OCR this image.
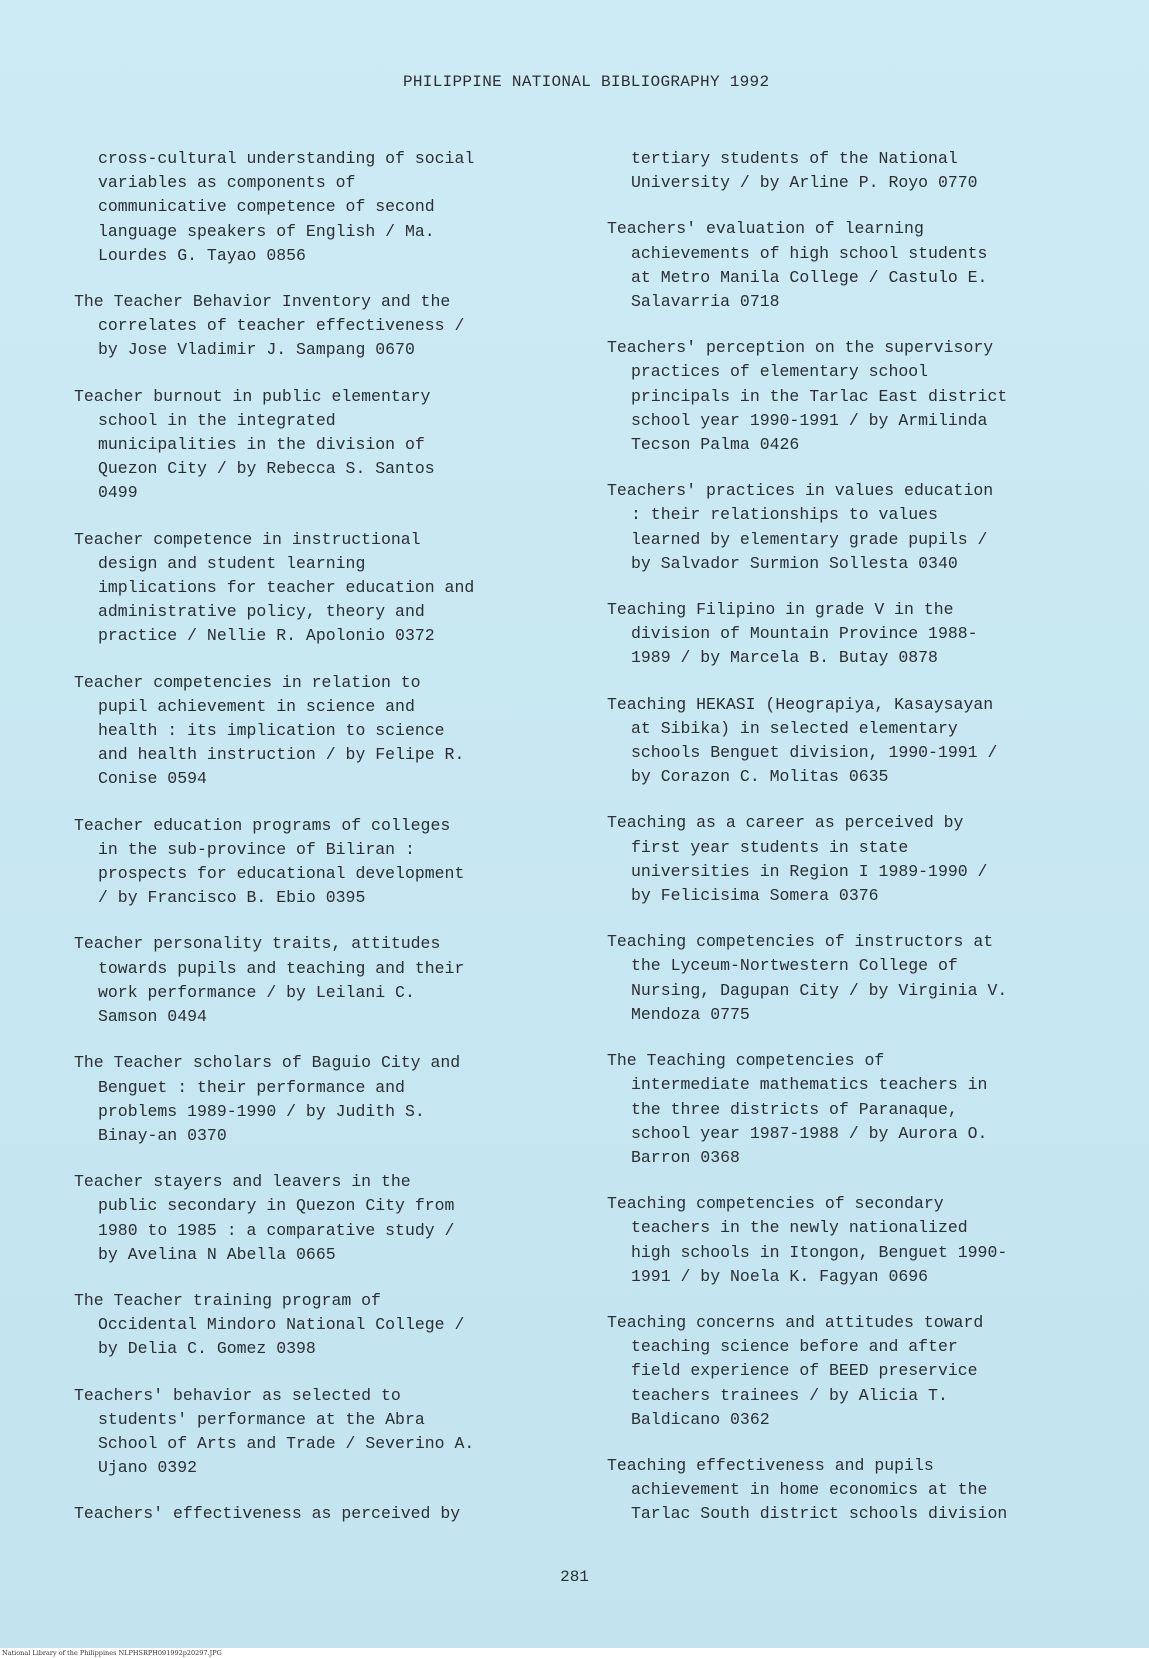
PHILIPPINE NATIONAL BIBLIOGRAPHY 1992
cross-cultural understanding of social
variables as components of
communicative competence of second
language speakers of English / Ma.
Lourdes G. Tayao 0856
The Teacher Behavior Inventory and the
correlates of teacher effectiveness /
by Jose Vladimir J. Sampang 0670
Teacher burnout in public elementary
school in the integrated
municipalities in the division of
Quezon City / by Rebecca S. Santos
0499
Teacher competence in instructional
design and student learning
implications for teacher education and
administrative policy, theory and
practice / Nellie R. Apolonio 0372
Teacher competencies in relation to
pupil achievement in science and
health : its implication to science
and health instruction / by Felipe R.
Conise 0594
Teacher education programs of colleges
in the sub-province of Biliran :
prospects for educational development
/ by Francisco B. Ebio 0395
Teacher personality traits, attitudes
towards pupils and teaching and their
work performance / by Leilani C.
Samson 0494
The Teacher scholars of Baguio City and
Benguet : their performance and
problems 1989-1990 / by Judith S.
Binay-an 0370
Teacher stayers and leavers in the
public secondary in Quezon City from
1980 to 1985 : a comparative study /
by Avelina N Abella 0665
The Teacher training program of
Occidental Mindoro National College /
by Delia C. Gomez 0398
Teachers' behavior as selected to
students' performance at the Abra
School of Arts and Trade / Severino A.
Ujano 0392
Teachers' effectiveness as perceived by
tertiary students of the National
University / by Arline P. Royo 0770
Teachers' evaluation of learning
achievements of high school students
at Metro Manila College / Castulo E.
Salavarria 0718
Teachers' perception on the supervisory
practices of elementary school
principals in the Tarlac East district
school year 1990-1991 / by Armilinda
Tecson Palma 0426
Teachers' practices in values education
: their relationships to values
learned by elementary grade pupils /
by Salvador Surmion Sollesta 0340
Teaching Filipino in grade V in the
division of Mountain Province 1988-
1989 / by Marcela B. Butay 0878
Teaching HEKASI (Heograpiya, Kasaysayan
at Sibika) in selected elementary
schools Benguet division, 1990-1991 /
by Corazon C. Molitas 0635
Teaching as a career as perceived by
first year students in state
universities in Region I 1989-1990 /
by Felicisima Somera 0376
Teaching competencies of instructors at
the Lyceum-Nortwestern College of
Nursing, Dagupan City / by Virginia V.
Mendoza 0775
The Teaching competencies of
intermediate mathematics teachers in
the three districts of Paranaque,
school year 1987-1988 / by Aurora O.
Barron 0368
Teaching competencies of secondary
teachers in the newly nationalized
high schools in Itongon, Benguet 1990-
1991 / by Noela K. Fagyan 0696
Teaching concerns and attitudes toward
teaching science before and after
field experience of BEED preservice
teachers trainees / by Alicia T.
Baldicano 0362
Teaching effectiveness and pupils
achievement in home economics at the
Tarlac South district schools division
281
National Library of the Philippines NLPHSRPH091992p20297.JPG
